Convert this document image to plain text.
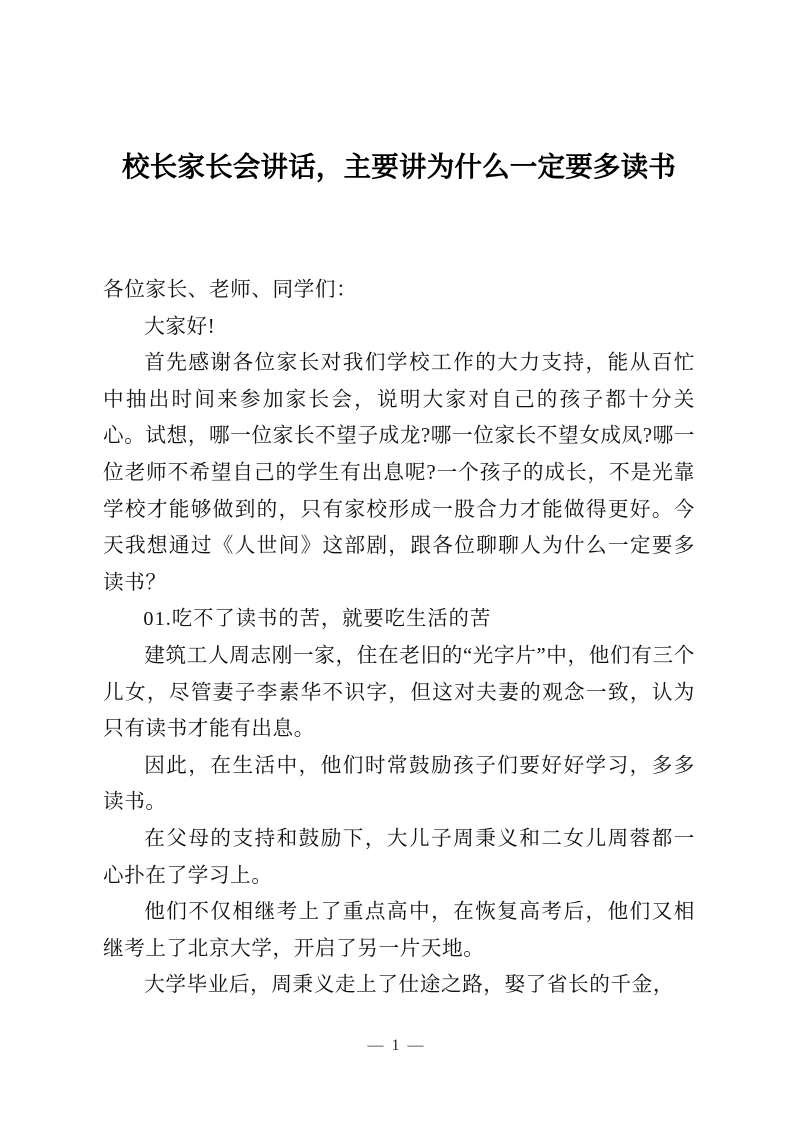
校长家长会讲话，主要讲为什么一定要多读书

各位家长、老师、同学们：

大家好!

首先感谢各位家长对我们学校工作的大力支持，能从百忙中抽出时间来参加家长会，说明大家对自己的孩子都十分关心。试想，哪一位家长不望子成龙?哪一位家长不望女成凤?哪一位老师不希望自己的学生有出息呢?一个孩子的成长，不是光靠学校才能够做到的，只有家校形成一股合力才能做得更好。今天我想通过《人世间》这部剧，跟各位聊聊人为什么一定要多读书？

01.吃不了读书的苦，就要吃生活的苦

建筑工人周志刚一家，住在老旧的“光字片”中，他们有三个儿女，尽管妻子李素华不识字，但这对夫妻的观念一致，认为只有读书才能有出息。

因此，在生活中，他们时常鼓励孩子们要好好学习，多多读书。

在父母的支持和鼓励下，大儿子周秉义和二女儿周蓉都一心扑在了学习上。

他们不仅相继考上了重点高中，在恢复高考后，他们又相继考上了北京大学，开启了另一片天地。

大学毕业后，周秉义走上了仕途之路，娶了省长的千金，

— 1 —
